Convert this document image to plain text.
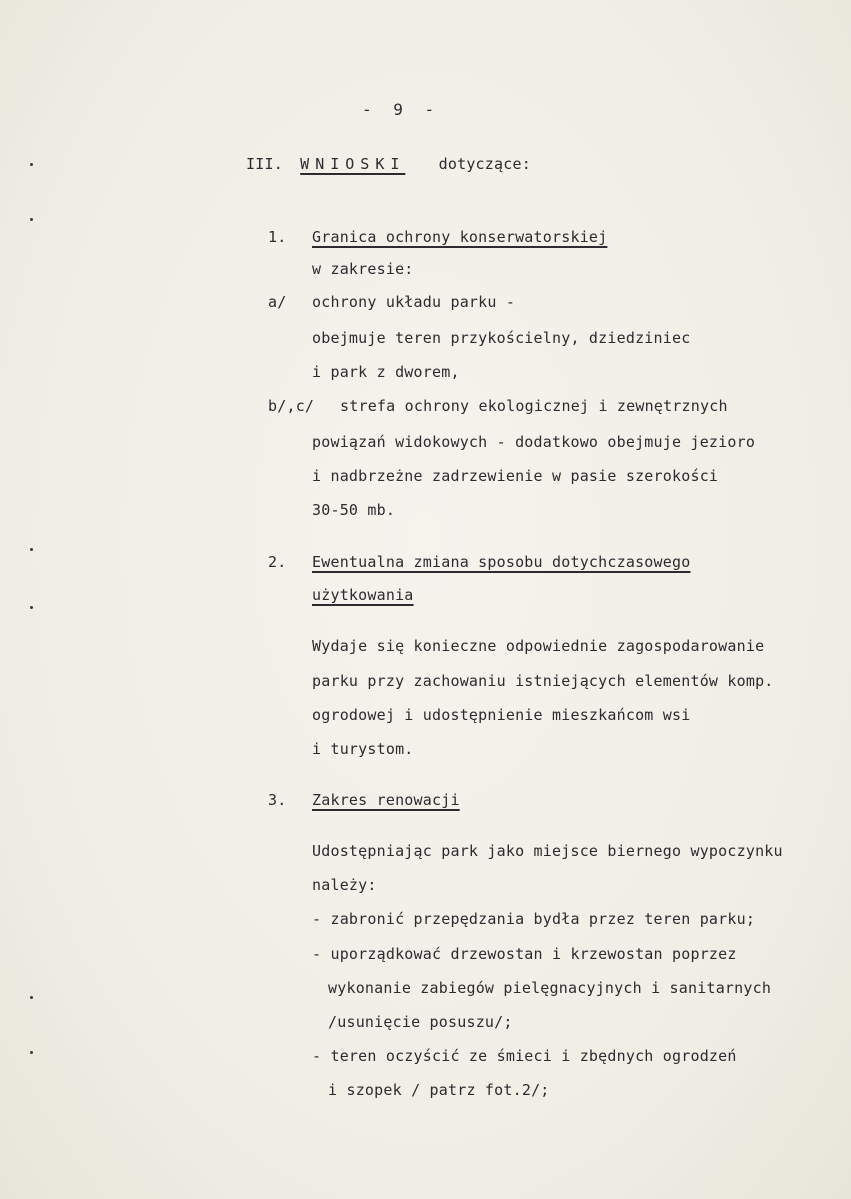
- 9 -
III. WNIOSKI dotyczące:
1. Granica ochrony konserwatorskiej
w zakresie:
a/ ochrony układu parku -
obejmuje teren przykościelny, dziedziniec
i park z dworem,
b/,c/ strefa ochrony ekologicznej i zewnętrznych
powiązań widokowych - dodatkowo obejmuje jezioro
i nadbrzeżne zadrzewienie w pasie szerokości
30-50 mb.
2. Ewentualna zmiana sposobu dotychczasowego
użytkowania
Wydaje się konieczne odpowiednie zagospodarowanie
parku przy zachowaniu istniejących elementów komp.
ogrodowej i udostępnienie mieszkańcom wsi
i turystom.
3. Zakres renowacji
Udostępniając park jako miejsce biernego wypoczynku
należy:
- zabronić przepędzania bydła przez teren parku;
- uporządkować drzewostan i krzewostan poprzez
wykonanie zabiegów pielęgnacyjnych i sanitarnych
/usunięcie posuszu/;
- teren oczyścić ze śmieci i zbędnych ogrodzeń
i szopek / patrz fot.2/;
